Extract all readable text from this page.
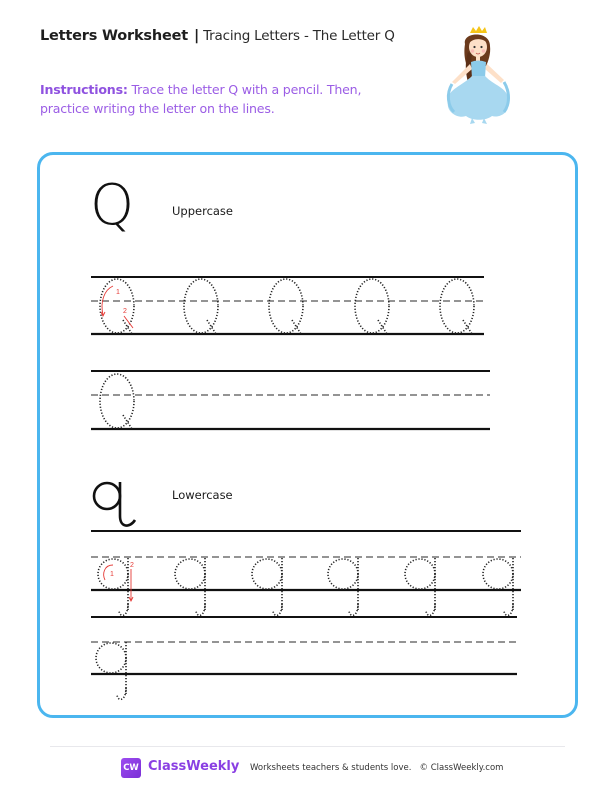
Letters Worksheet | Tracing Letters - The Letter Q
Instructions: Trace the letter Q with a pencil. Then, practice writing the letter on the lines.
Q	Uppercase
Lowercase
1
2
1
2
CW ClassWeekly Worksheets teachers & students love. © ClassWeekly.com
